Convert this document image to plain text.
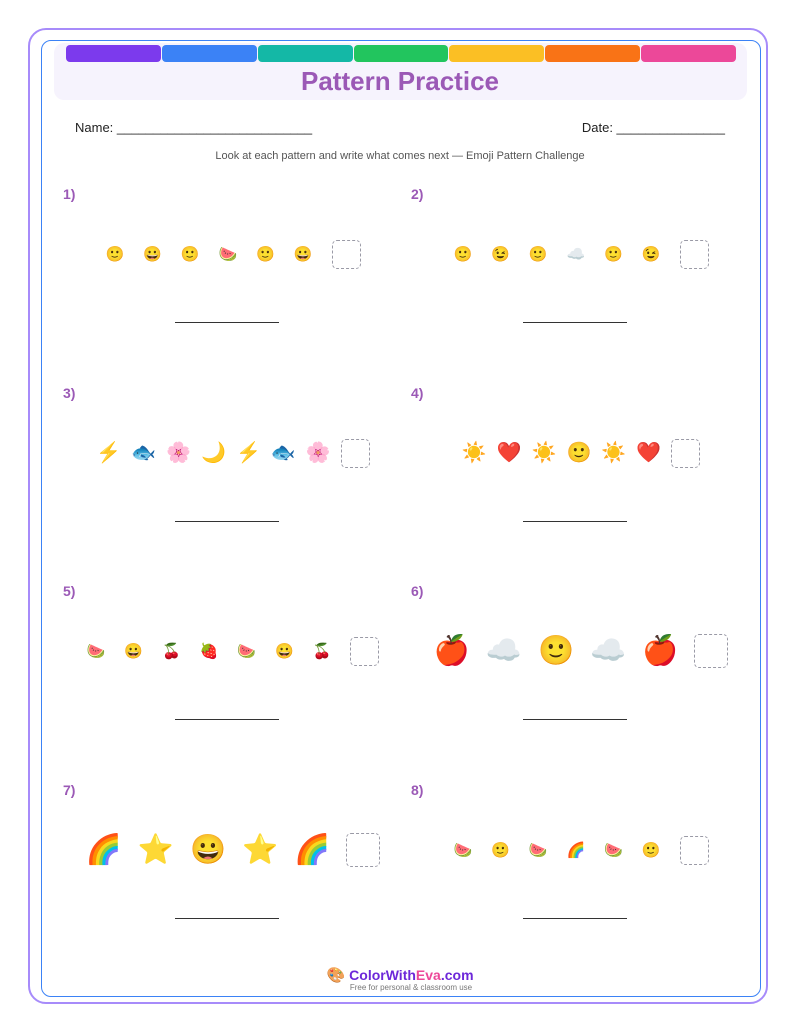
Pattern Practice
Name: ___________________________	Date: _______________
Look at each pattern and write what comes next — Emoji Pattern Challenge
1)
🙂 😀 🙂 🍉 🙂 😀
2)
🙂 😉 🙂 ☁️ 🙂 😉
3)
⚡ 🐟 🌸 🌙 ⚡ 🐟 🌸
4)
☀️ ❤️ ☀️ 🙂 ☀️ ❤️
5)
🍉 😀 🍒 🍓 🍉 😀 🍒
6)
🍎 ☁️ 🙂 ☁️ 🍎
7)
🌈 ⭐ 😀 ⭐ 🌈
8)
🍉 🙂 🍉 🌈 🍉 🙂
🎨 ColorWithEva.com
Free for personal & classroom use
